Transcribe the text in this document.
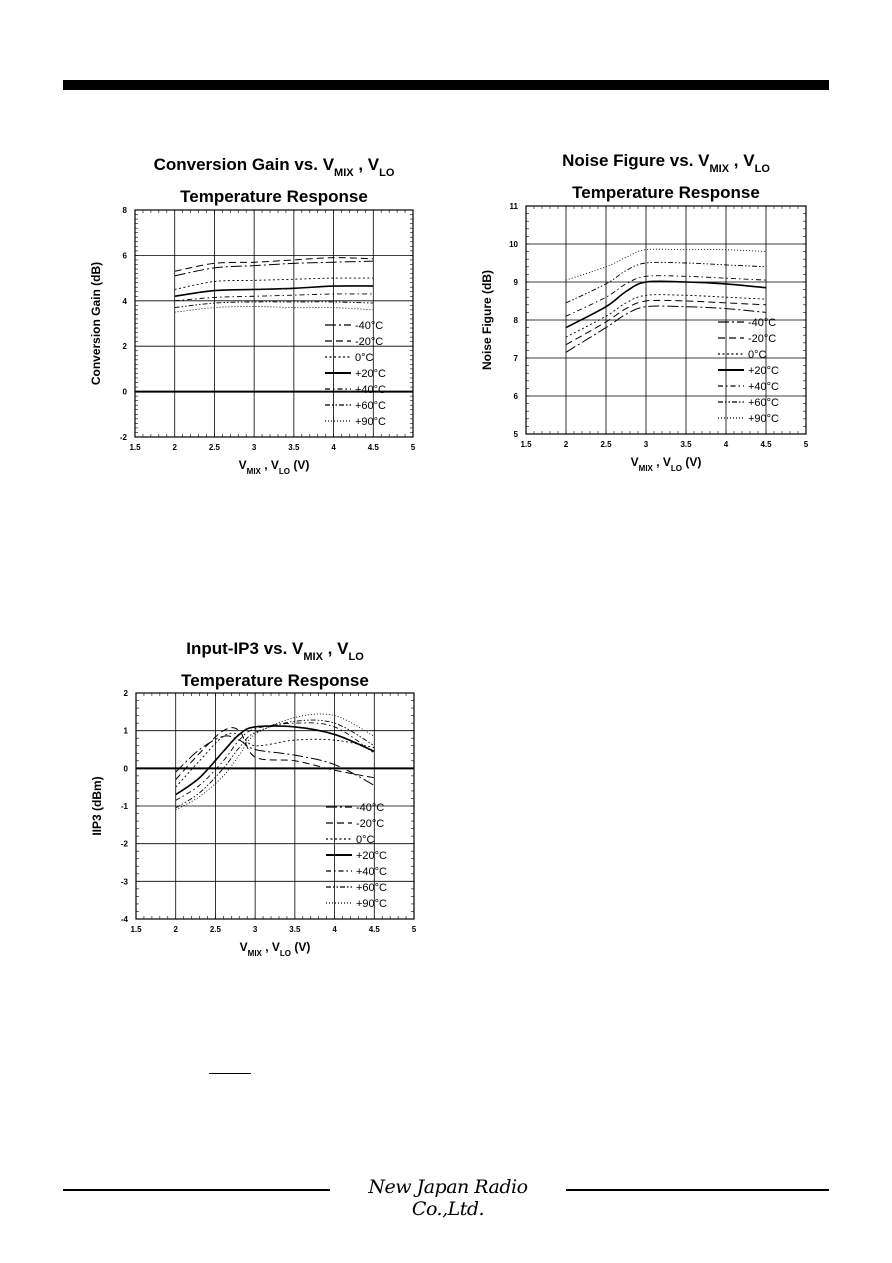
Conversion Gain vs. $V_{MIX}$ , $V_{LO}$
Temperature Response
1.5	2	2.5	3	3.5	4	4.5	5
8
6
4
2
0
-2
-40°C
-20°C
0°C
+20°C
+40°C
+60°C
+90°C
$V_{MIX}$ , $V_{LO}$ (V)
Conversion Gain (dB)
Noise Figure vs. $V_{MIX}$ , $V_{LO}$
Temperature Response
1.5	2	2.5	3	3.5	4	4.5	5
11
10
9
8
7
6
5
-40°C
-20°C
0°C
+20°C
+40°C
+60°C
+90°C
$V_{MIX}$ , $V_{LO}$ (V)
Noise Figure (dB)
Input-IP3 vs. $V_{MIX}$ , $V_{LO}$
Temperature Response
1.5	2	2.5	3	3.5	4	4.5	5
2
1
0
-1
-2
-3
-4
-40°C
-20°C
0°C
+20°C
+40°C
+60°C
+90°C
$V_{MIX}$ , $V_{LO}$ (V)
IIP3 (dBm)
New Japan Radio Co.,Ltd.
